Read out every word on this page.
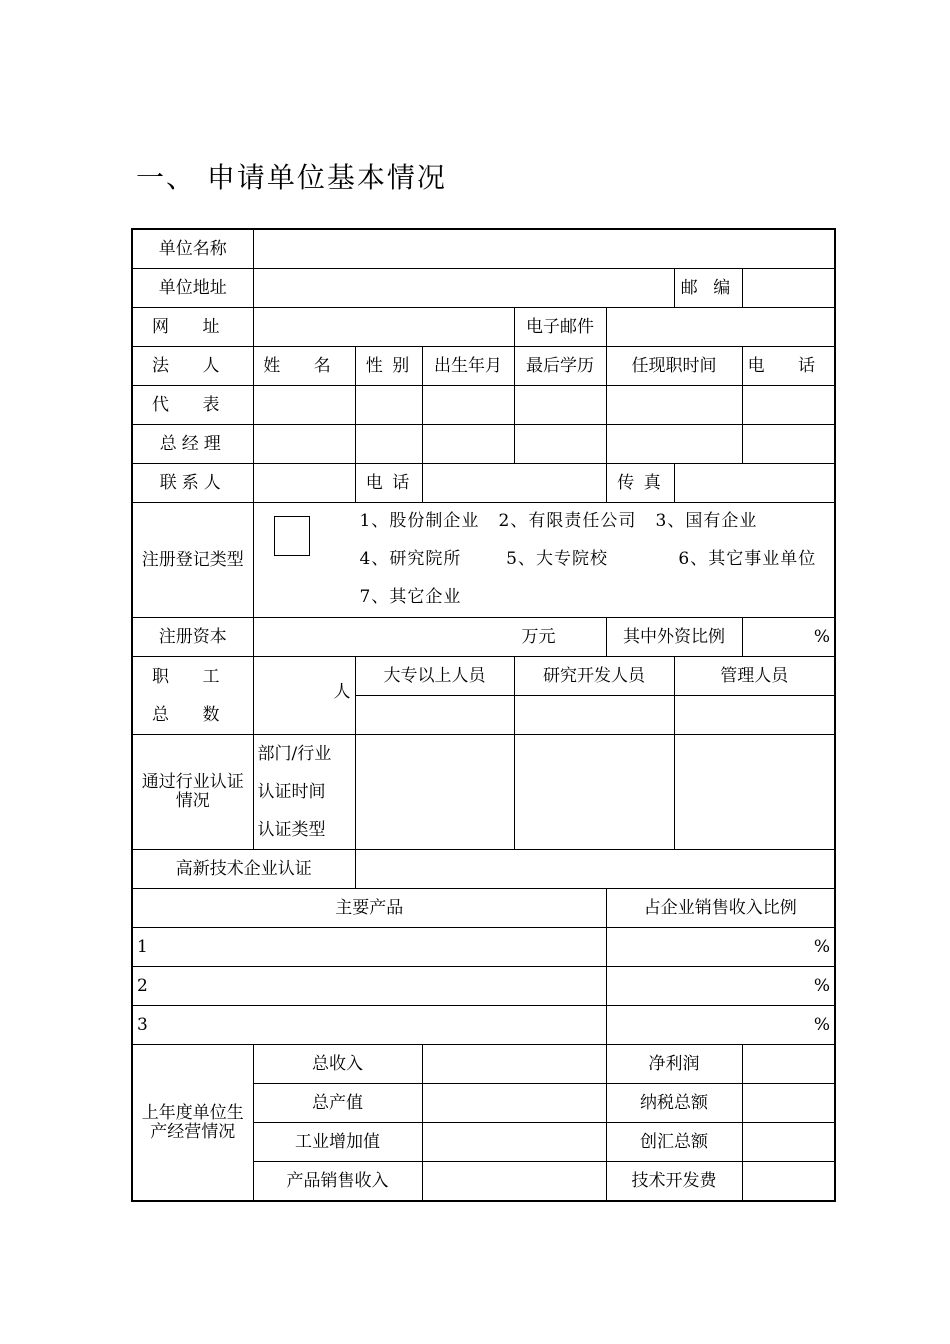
一、 申请单位基本情况
单位名称							
单位地址						邮 编	
网 址				电子邮件			
法 人	姓 名	性 别	出生年月	最后学历	任现职时间		电 话
代 表							
总经理							
联系人		电 话			传 真		
注册登记类型	1、股份制企业   2、有限责任公司   3、国有企业
4、研究院所       5、大专院校           6、其它事业单位
7、其它企业						

注册资本	万元				其中外资比例		%

职 工
总 数	人	大专以上人员		研究开发人员		管理人员	

通过行业认证情况	部门/行业
认证时间
认证类型						

高新技术企业认证							
主要产品					占企业销售收入比例		
1					%		
2					%		
3					%		
上年度单位生产经营情况	总收入				净利润		
	总产值				纳税总额		
	工业增加值				创汇总额		
	产品销售收入				技术开发费		
